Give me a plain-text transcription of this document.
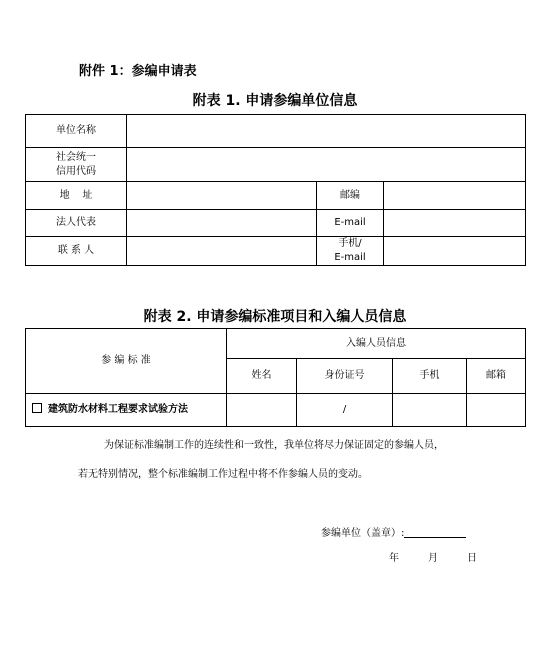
附件 1：参编申请表
附表 1. 申请参编单位信息
单位名称			

社会统一
信用代码			

地    址		邮编	
法人代表		E-mail	
联 系 人		手机/
E-mail	

附表 2. 申请参编标准项目和入编人员信息
参 编 标 准	入编人员信息			
	姓名	身份证号	手机	邮箱
建筑防水材料工程要求试验方法		/		
为保证标准编制工作的连续性和一致性，我单位将尽力保证固定的参编人员，
若无特别情况，整个标准编制工作过程中将不作参编人员的变动。
参编单位（盖章）:
年	月	日
